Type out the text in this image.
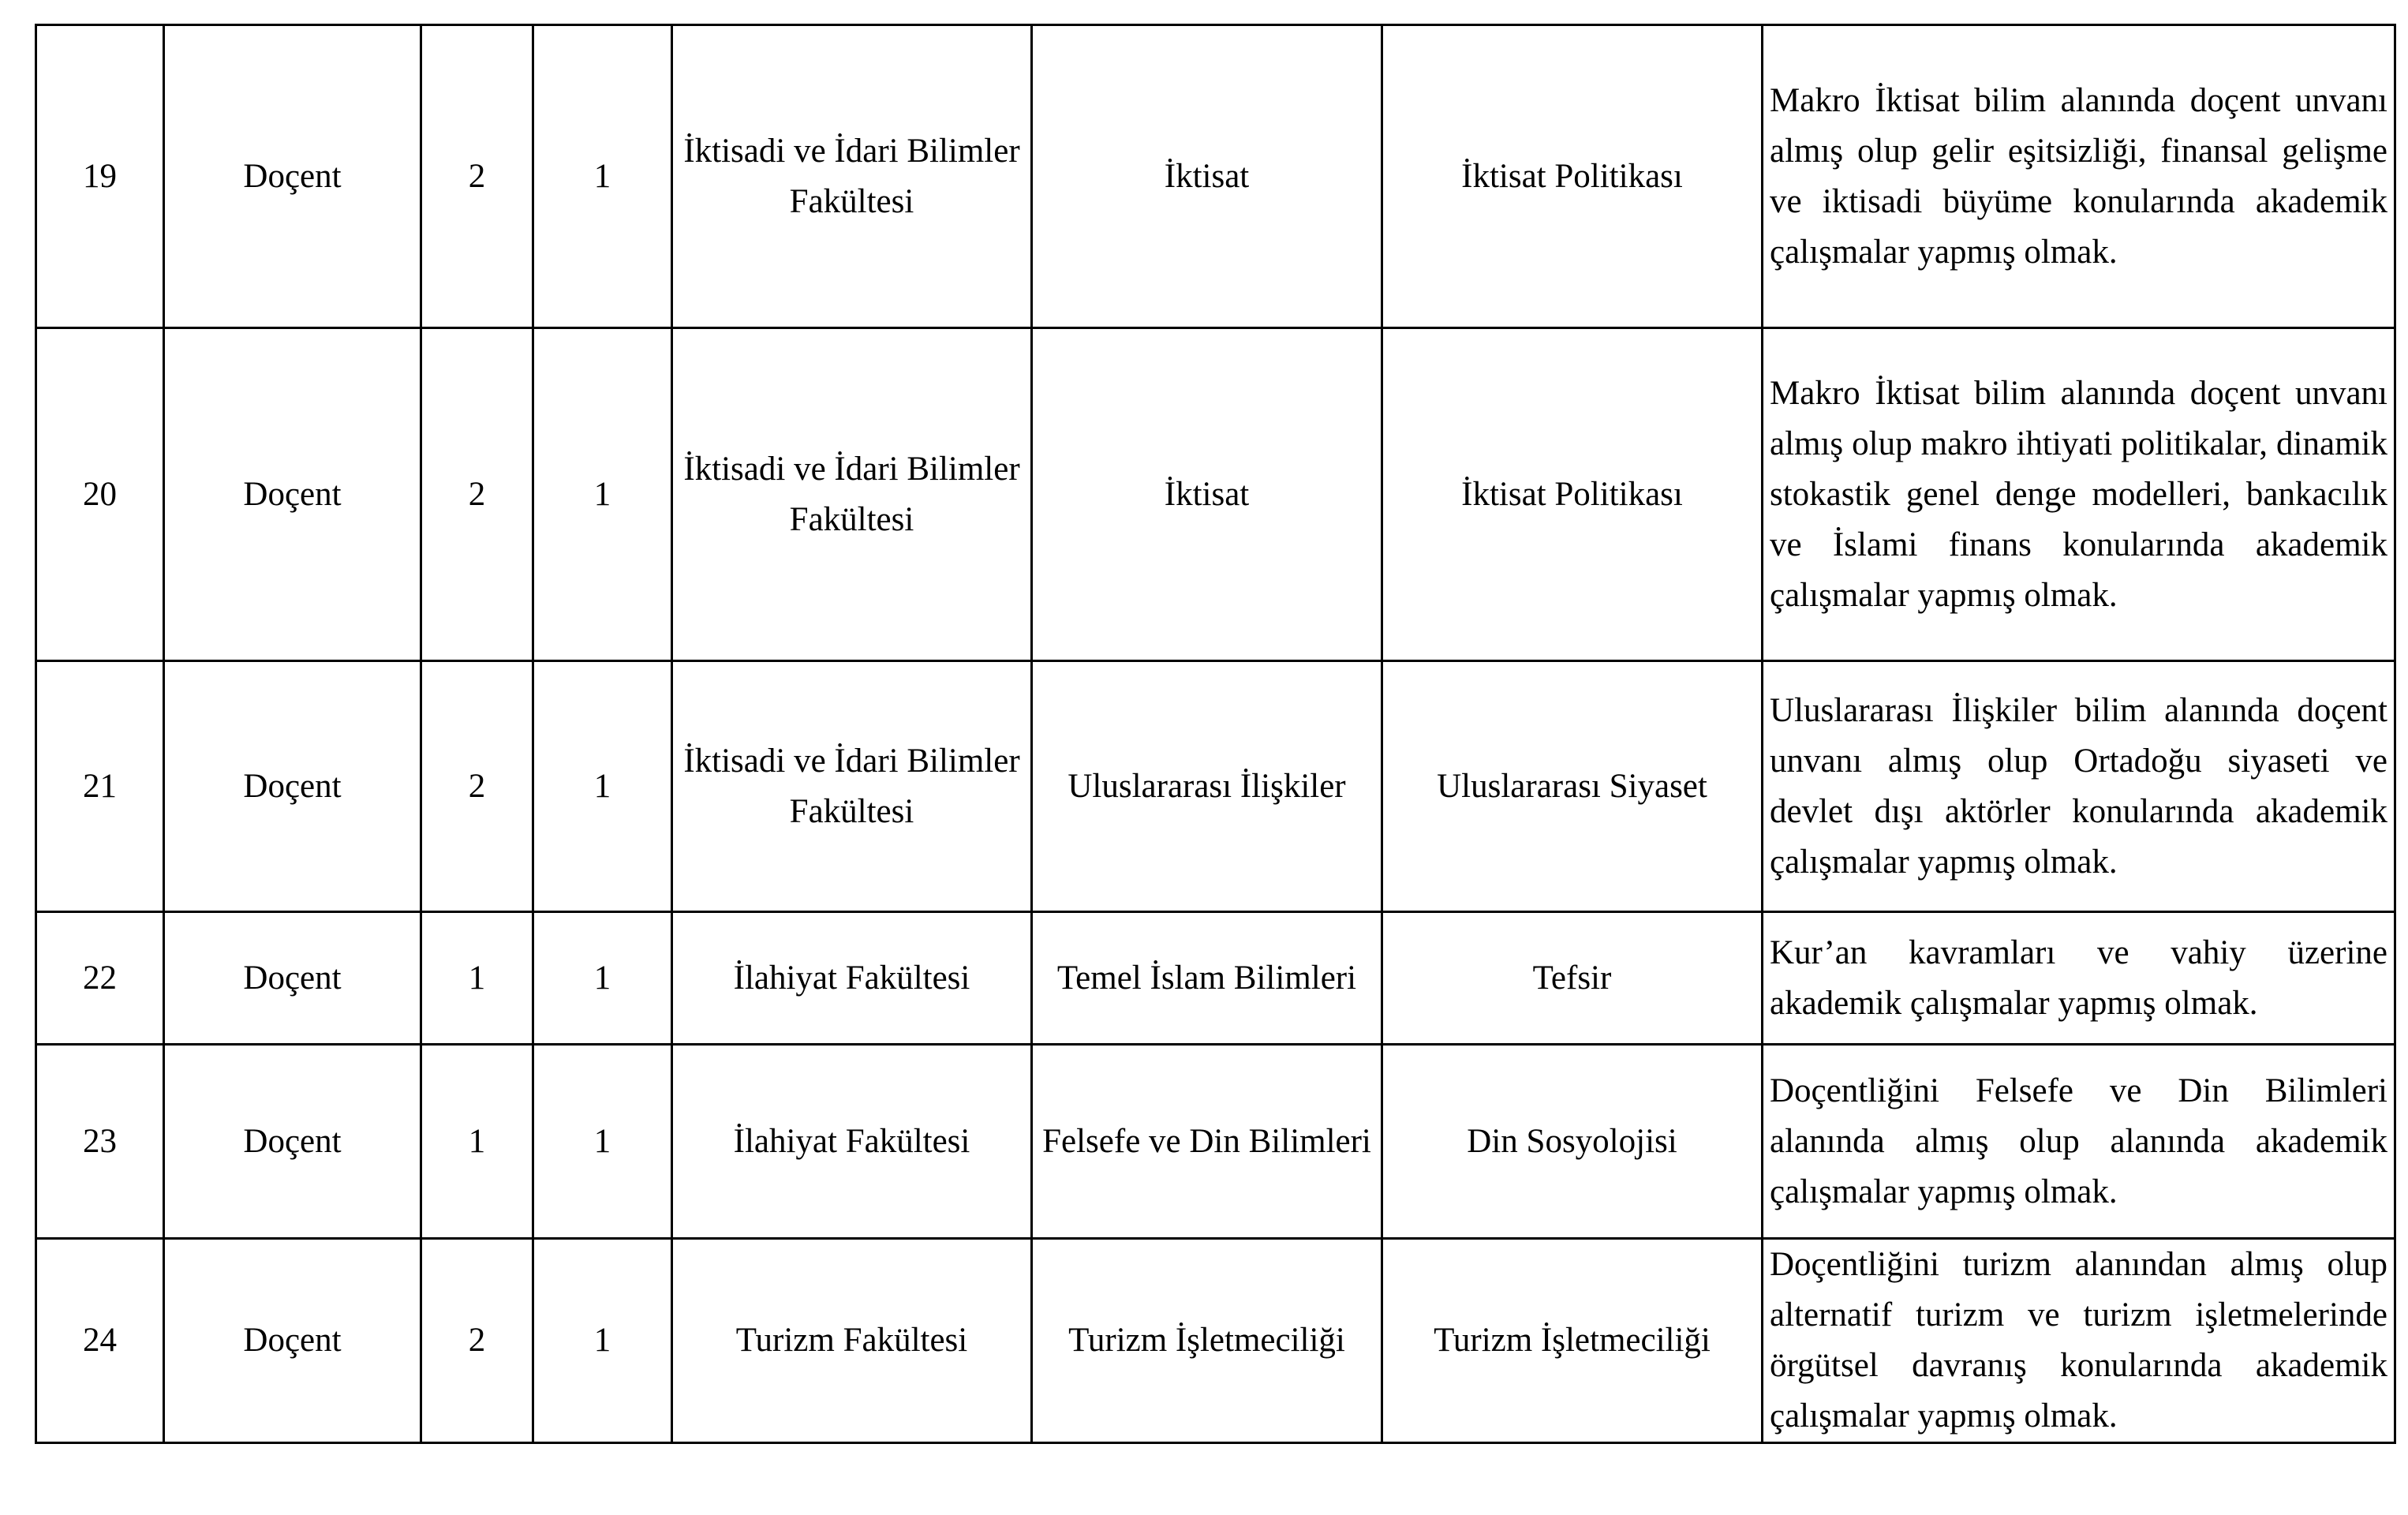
19	Doçent	2	1	İktisadi ve İdari Bilimler Fakültesi	İktisat	İktisat Politikası	Makro İktisat bilim alanında doçent unvanı almış olup gelir eşitsizliği, finansal gelişme ve iktisadi büyüme konularında akademik çalışmalar yapmış olmak.
20	Doçent	2	1	İktisadi ve İdari Bilimler Fakültesi	İktisat	İktisat Politikası	Makro İktisat bilim alanında doçent unvanı almış olup makro ihtiyati politikalar, dinamik stokastik genel denge modelleri, bankacılık ve İslami finans konularında akademik çalışmalar yapmış olmak.
21	Doçent	2	1	İktisadi ve İdari Bilimler Fakültesi	Uluslararası İlişkiler	Uluslararası Siyaset	Uluslararası İlişkiler bilim alanında doçent unvanı almış olup Ortadoğu siyaseti ve devlet dışı aktörler konularında akademik çalışmalar yapmış olmak.
22	Doçent	1	1	İlahiyat Fakültesi	Temel İslam Bilimleri	Tefsir	Kur’an kavramları ve vahiy üzerine akademik çalışmalar yapmış olmak.
23	Doçent	1	1	İlahiyat Fakültesi	Felsefe ve Din Bilimleri	Din Sosyolojisi	Doçentliğini Felsefe ve Din Bilimleri alanında almış olup alanında akademik çalışmalar yapmış olmak.
24	Doçent	2	1	Turizm Fakültesi	Turizm İşletmeciliği	Turizm İşletmeciliği	Doçentliğini turizm alanından almış olup alternatif turizm ve turizm işletmelerinde örgütsel davranış konularında akademik çalışmalar yapmış olmak.
